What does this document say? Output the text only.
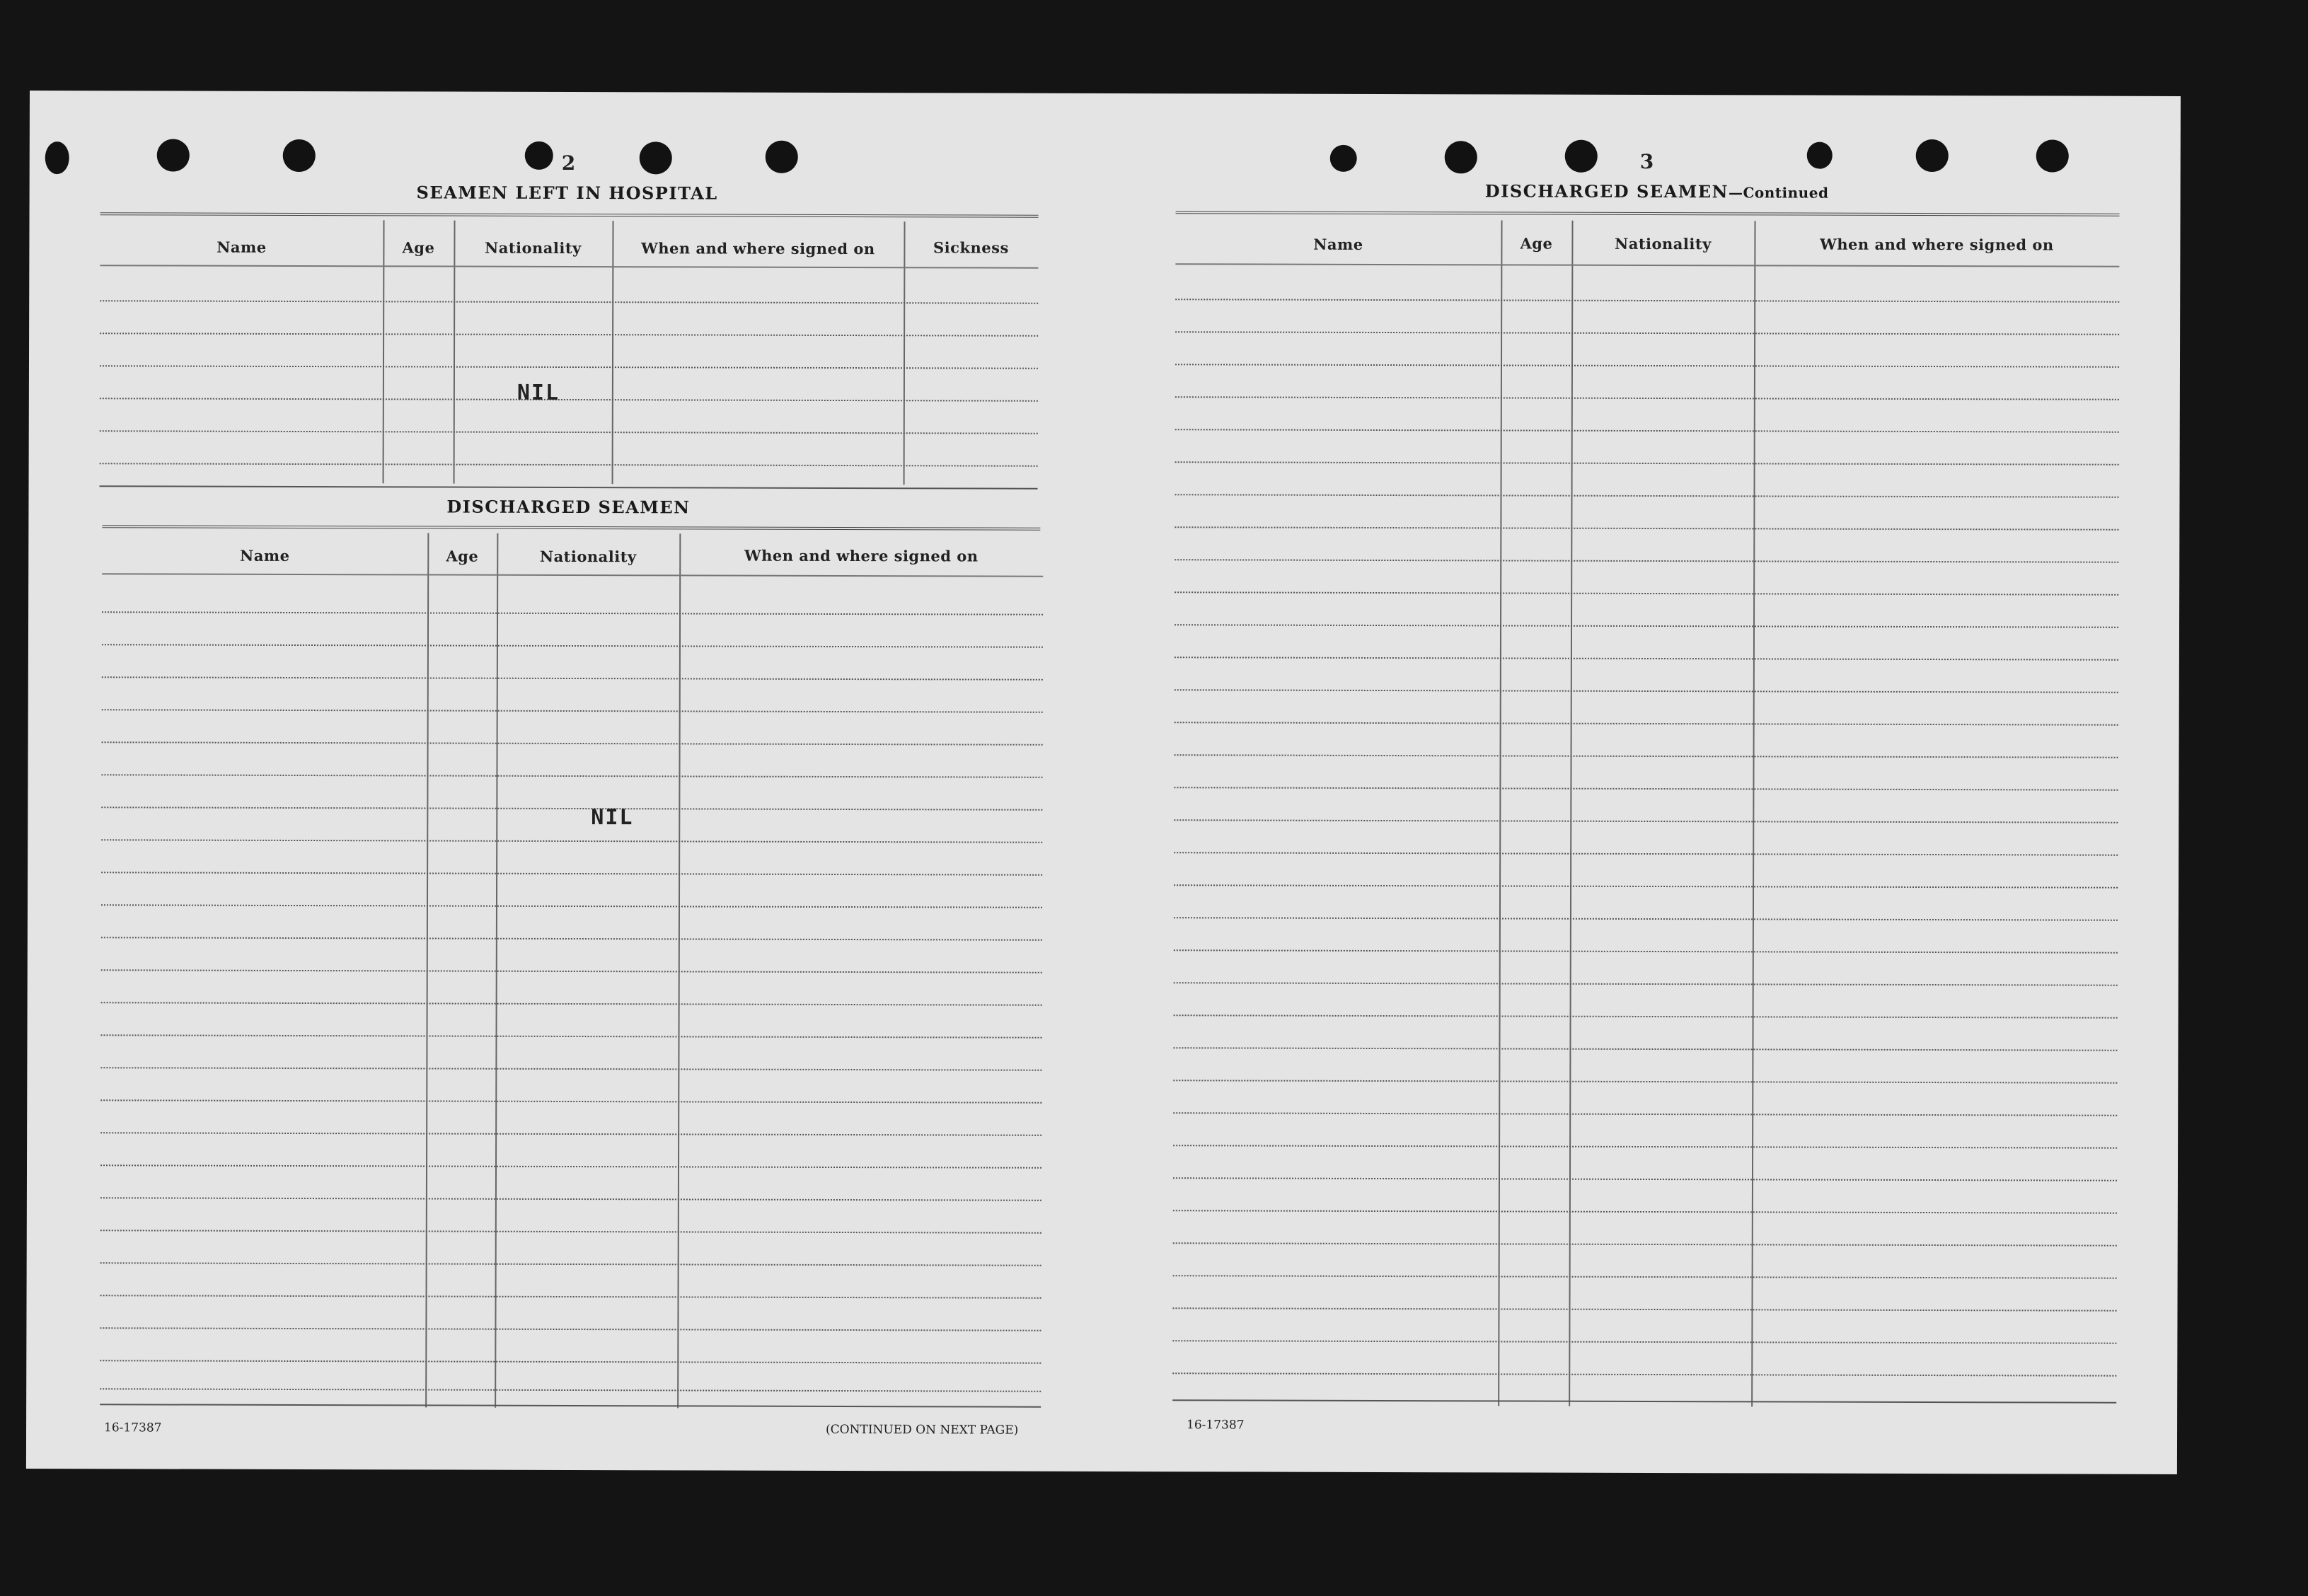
2
SEAMEN LEFT IN HOSPITAL
Name	Age	Nationality	When and where signed on	Sickness
NIL
DISCHARGED SEAMEN
Name	Age	Nationality	When and where signed on
NIL
16-17387	(CONTINUED ON NEXT PAGE)
3
DISCHARGED SEAMEN—Continued
Name	Age	Nationality	When and where signed on
16-17387
